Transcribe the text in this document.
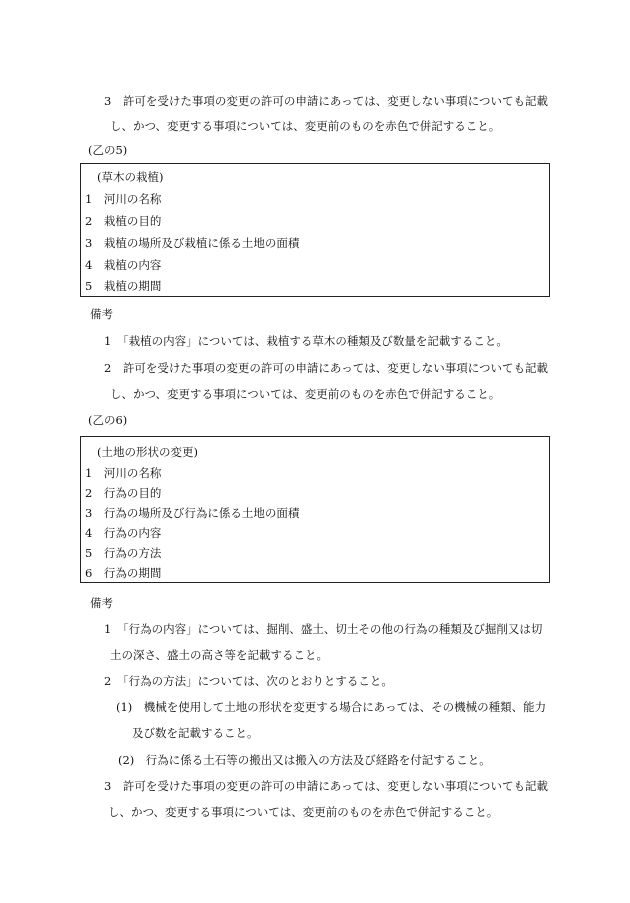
3　許可を受けた事項の変更の許可の申請にあっては、変更しない事項についても記載
し、かつ、変更する事項については、変更前のものを赤色で併記すること。
(乙の5)
(草木の栽植)
1　河川の名称
2　栽植の目的
3　栽植の場所及び栽植に係る土地の面積
4　栽植の内容
5　栽植の期間
備考
1　「栽植の内容」については、栽植する草木の種類及び数量を記載すること。
2　許可を受けた事項の変更の許可の申請にあっては、変更しない事項についても記載
し、かつ、変更する事項については、変更前のものを赤色で併記すること。
(乙の6)
(土地の形状の変更)
1　河川の名称
2　行為の目的
3　行為の場所及び行為に係る土地の面積
4　行為の内容
5　行為の方法
6　行為の期間
備考
1　「行為の内容」については、掘削、盛土、切土その他の行為の種類及び掘削又は切
土の深さ、盛土の高さ等を記載すること。
2　「行為の方法」については、次のとおりとすること。
(1)　機械を使用して土地の形状を変更する場合にあっては、その機械の種類、能力
及び数を記載すること。
(2)　行為に係る土石等の搬出又は搬入の方法及び経路を付記すること。
3　許可を受けた事項の変更の許可の申請にあっては、変更しない事項についても記載
し、かつ、変更する事項については、変更前のものを赤色で併記すること。
